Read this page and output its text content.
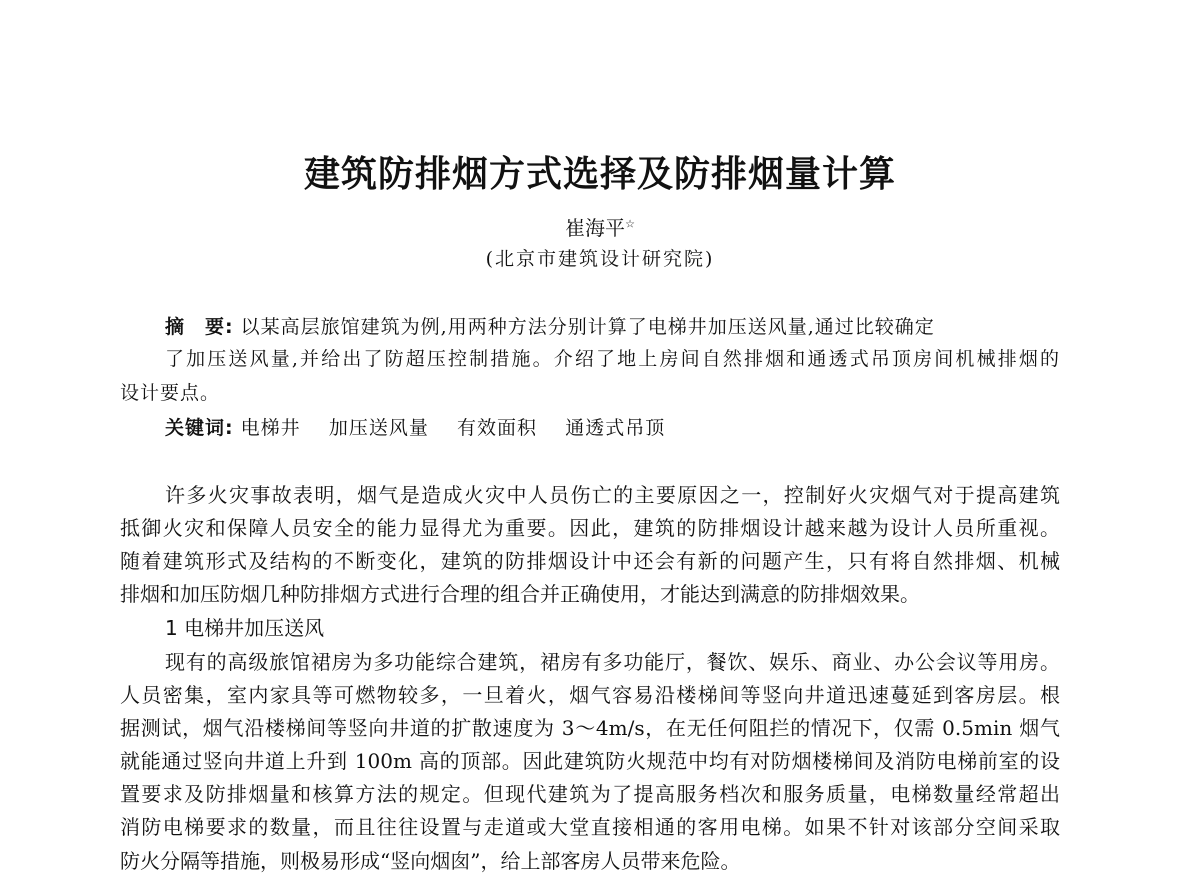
建筑防排烟方式选择及防排烟量计算
崔海平☆
(北京市建筑设计研究院)
摘　要: 以某高层旅馆建筑为例,用两种方法分别计算了电梯井加压送风量,通过比较确定
了加压送风量,并给出了防超压控制措施。介绍了地上房间自然排烟和通透式吊顶房间机械排烟的
设计要点。
关键词: 电梯井 加压送风量 有效面积 通透式吊顶
许多火灾事故表明，烟气是造成火灾中人员伤亡的主要原因之一，控制好火灾烟气对于提高建筑
抵御火灾和保障人员安全的能力显得尤为重要。因此，建筑的防排烟设计越来越为设计人员所重视。
随着建筑形式及结构的不断变化，建筑的防排烟设计中还会有新的问题产生，只有将自然排烟、机械
排烟和加压防烟几种防排烟方式进行合理的组合并正确使用，才能达到满意的防排烟效果。
1 电梯井加压送风
现有的高级旅馆裙房为多功能综合建筑，裙房有多功能厅，餐饮、娱乐、商业、办公会议等用房。
人员密集，室内家具等可燃物较多，一旦着火，烟气容易沿楼梯间等竖向井道迅速蔓延到客房层。根
据测试，烟气沿楼梯间等竖向井道的扩散速度为 3～4m/s，在无任何阻拦的情况下，仅需 0.5min 烟气
就能通过竖向井道上升到 100m 高的顶部。因此建筑防火规范中均有对防烟楼梯间及消防电梯前室的设
置要求及防排烟量和核算方法的规定。但现代建筑为了提高服务档次和服务质量，电梯数量经常超出
消防电梯要求的数量，而且往往设置与走道或大堂直接相通的客用电梯。如果不针对该部分空间采取
防火分隔等措施，则极易形成“竖向烟囱”，给上部客房人员带来危险。
